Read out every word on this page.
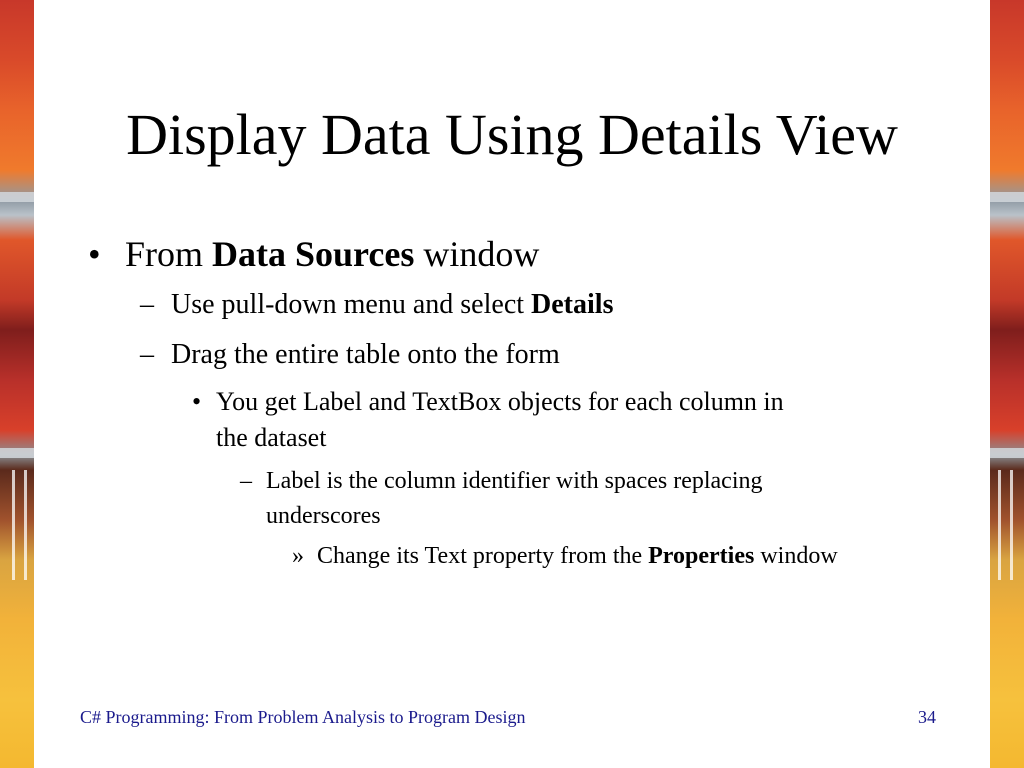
Display Data Using Details View
• From Data Sources window
– Use pull-down menu and select Details
– Drag the entire table onto the form
• You get Label and TextBox objects for each column in
the dataset
– Label is the column identifier with spaces replacing
underscores
» Change its Text property from the Properties window
C# Programming: From Problem Analysis to Program Design	34
